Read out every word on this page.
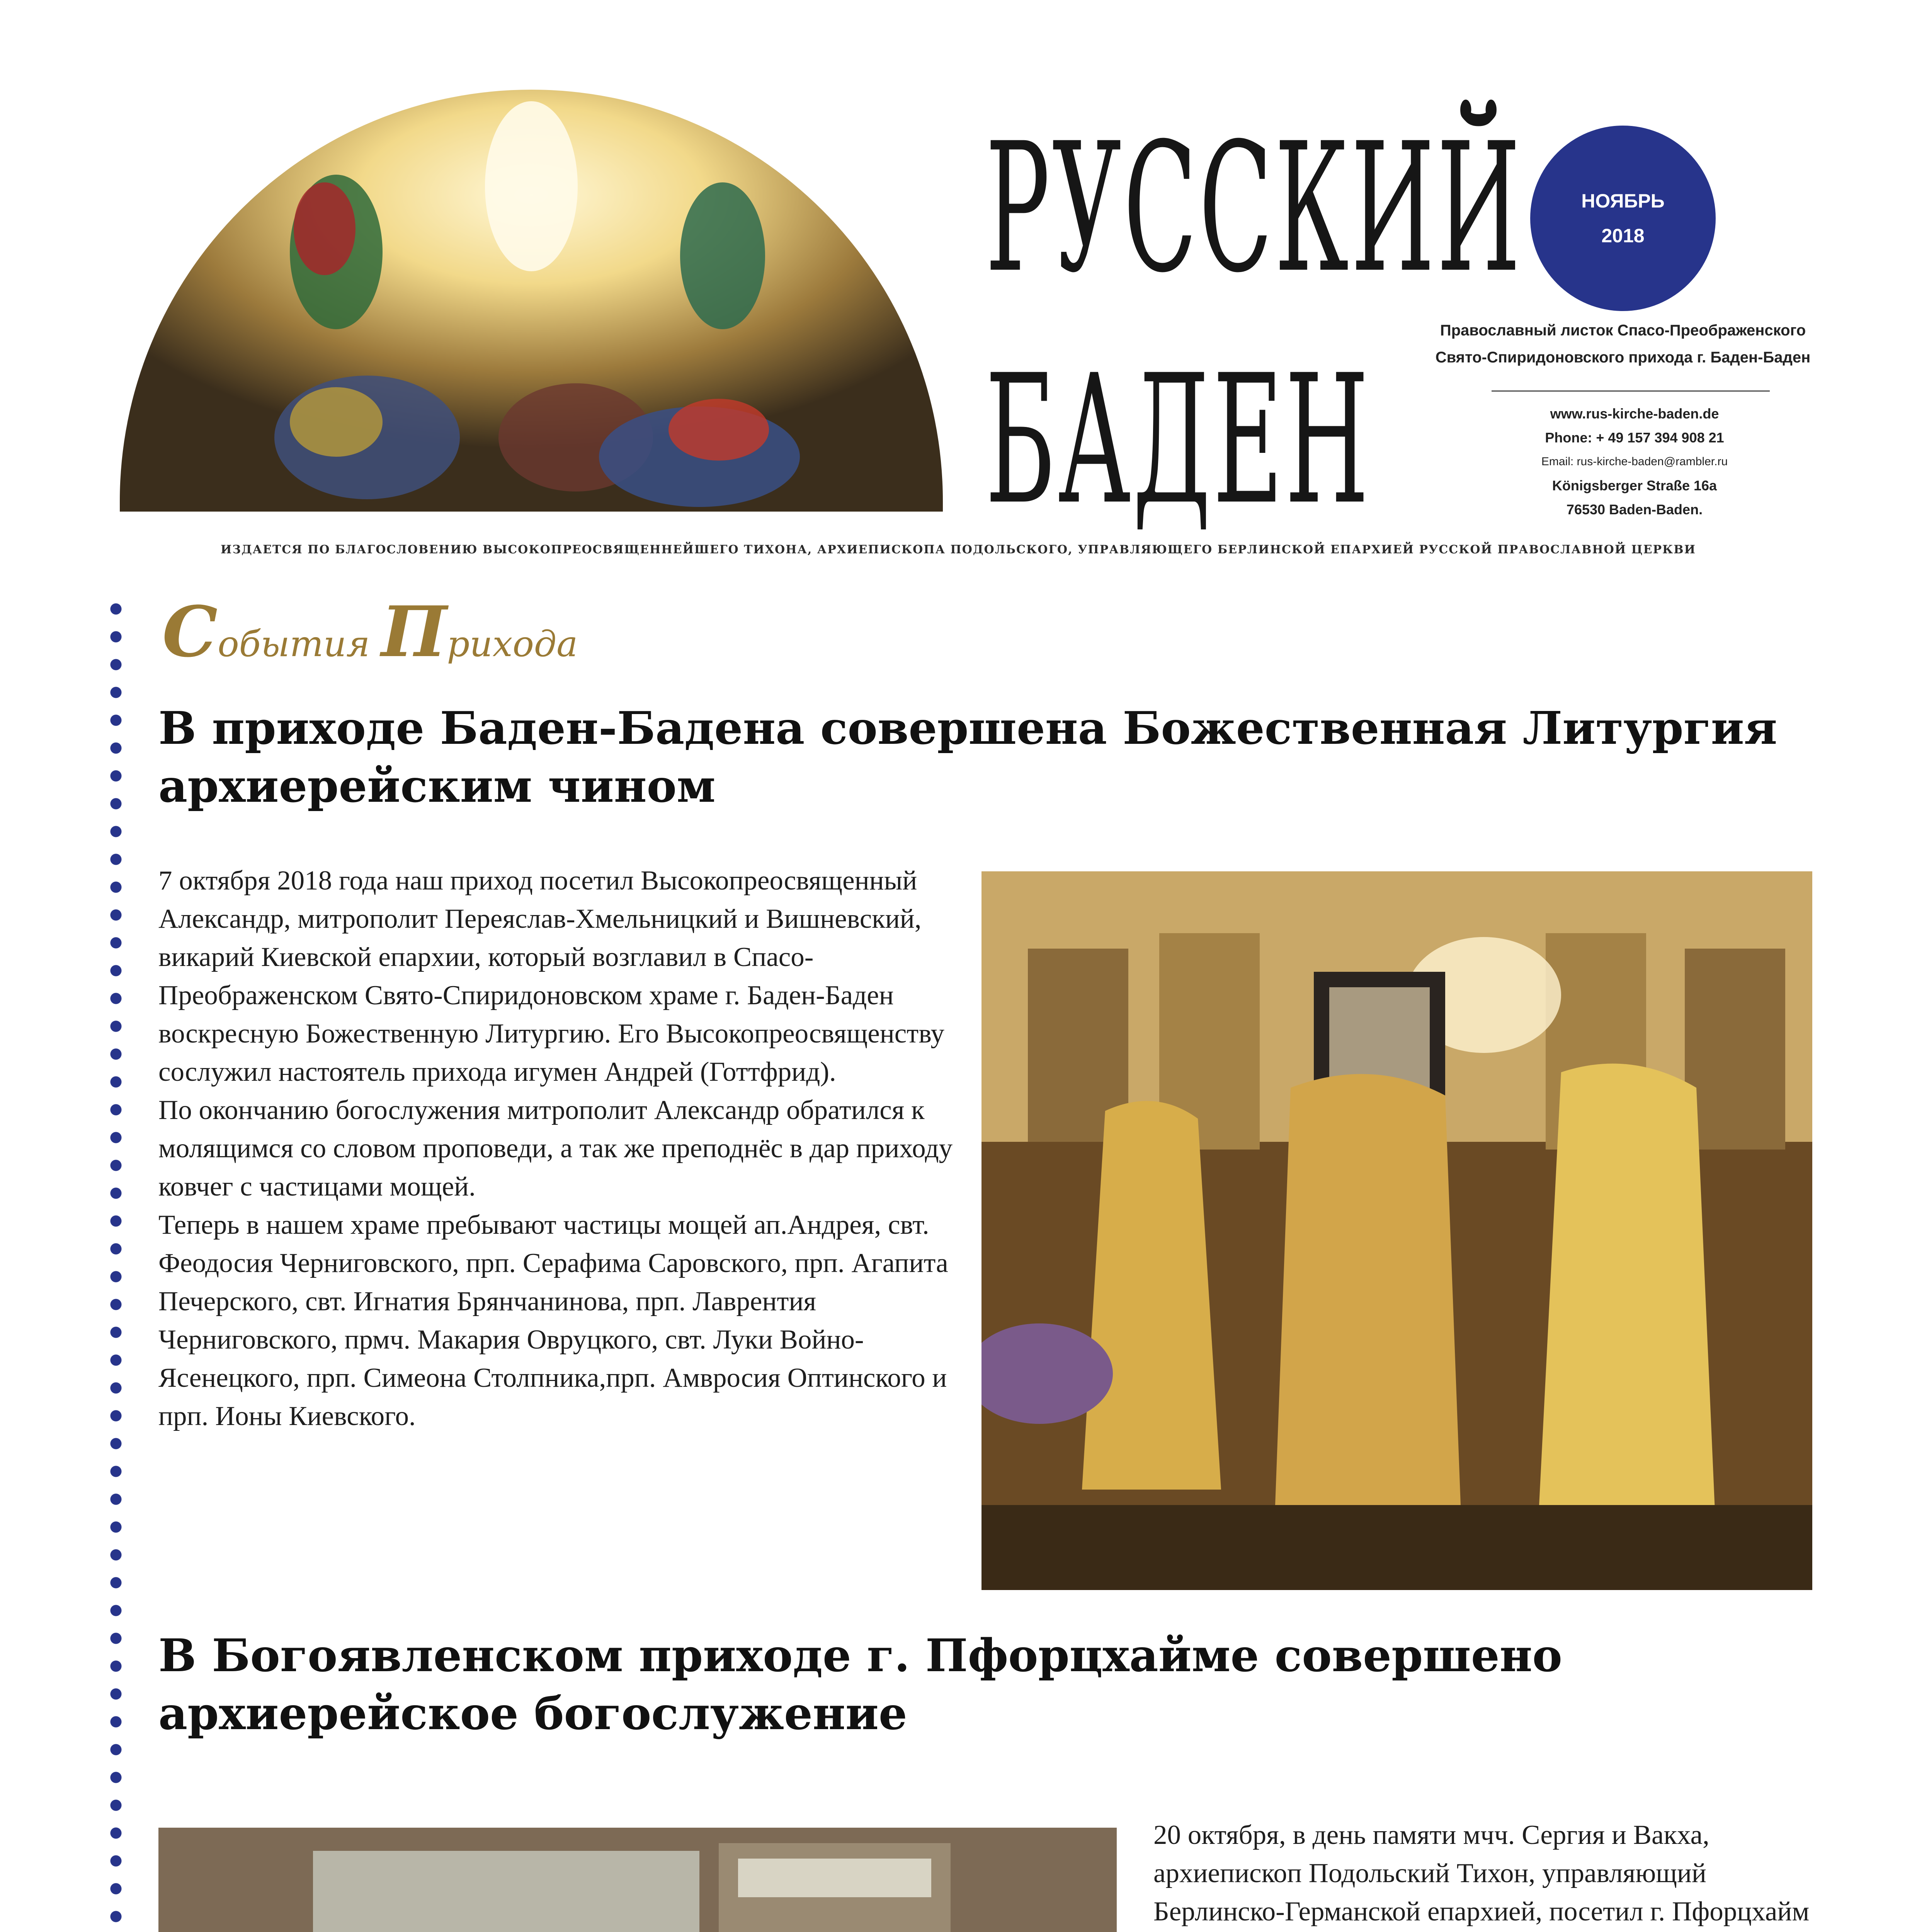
РУССКИЙ
БАДЕН
НОЯБРЬ
2018
Православный листок Спасо-Преображенского
Свято-Спиридоновского прихода г. Баден-Баден
www.rus-kirche-baden.de
Phone: + 49 157 394 908 21
Email: rus-kirche-baden@rambler.ru
Königsberger Straße 16a
76530 Baden-Baden.
ИЗДАЕТСЯ ПО БЛАГОСЛОВЕНИЮ ВЫСОКОПРЕОСВЯЩЕННЕЙШЕГО ТИХОНА, АРХИЕПИСКОПА ПОДОЛЬСКОГО, УПРАВЛЯЮЩЕГО БЕРЛИНСКОЙ ЕПАРХИЕЙ РУССКОЙ ПРАВОСЛАВНОЙ ЦЕРКВИ
События Прихода
В приходе Баден-Бадена совершена Божественная Литургия архиерейским чином

7 октября 2018 года наш приход посетил Высокопреосвященный Александр, митрополит Переяслав-Хмельницкий и Вишневский, викарий Киевской епархии, который возглавил в Спасо-Преображенском Свято-Спиридоновском храме г. Баден-Баден воскресную Божественную Литургию. Его Высокопреосвященству сослужил настоятель прихода игумен Андрей (Готтфрид).

По окончанию богослужения митрополит Александр обратился к молящимся со словом проповеди, а так же преподнёс в дар приходу ковчег с частицами мощей.

Теперь в нашем храме пребывают частицы мощей ап.Андрея, свт. Феодосия Черниговского, прп. Серафима Саровского, прп. Агапита Печерского, свт. Игнатия Брянчанинова, прп. Лаврентия Черниговского, прмч. Макария Овруцкого, свт. Луки Войно-Ясенецкого, прп. Симеона Столпника,прп. Амвросия Оптинского и прп. Ионы Киевского.

В Богоявленском приходе г. Пфорцхайме совершено архиерейское богослужение

20 октября, в день памяти мчч. Сергия и Вакха, архиепископ Подольский Тихон, управляющий Берлинско-Германской епархией, посетил г. Пфорцхайм
